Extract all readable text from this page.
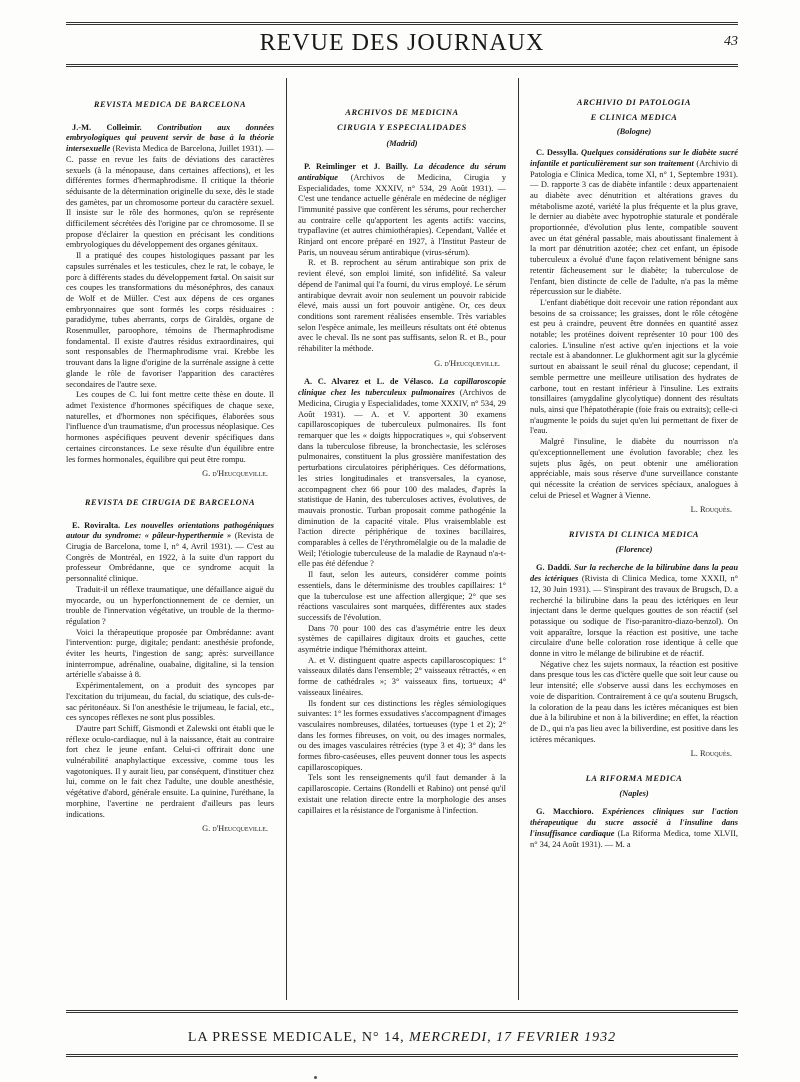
REVUE DES JOURNAUX	43
REVISTA MEDICA DE BARCELONA

J.-M. Colleimir. Contribution aux données embryologiques qui peuvent servir de base à la théorie intersexuelle (Revista Medica de Barcelona, Juillet 1931). — C. passe en revue les faits de déviations des caractères sexuels (à la ménopause, dans certaines affections), et les différentes formes d'hermaphrodisme. Il critique la théorie séduisante de la détermination originelle du sexe, dès le stade des gamètes, par un chromosome porteur du caractère sexuel. Il insiste sur le rôle des hormones, qu'on se représente difficilement sécrétées dès l'origine par ce chromosome. Il se propose d'éclairer la question en précisant les conditions embryologiques du développement des organes génitaux.

Il a pratiqué des coupes histologiques passant par les capsules surrénales et les testicules, chez le rat, le cobaye, le porc à différents stades du développement fœtal. On saisit sur ces coupes les transformations du mésonéphros, des canaux de Wolf et de Müller. C'est aux dépens de ces organes embryonnaires que sont formés les corps résiduaires : paradidyme, tubes aberrants, corps de Giraldès, organe de Rosenmuller, paroophore, témoins de l'hermaphrodisme fondamental. Il existe d'autres résidus extraordinaires, qui sont responsables de l'hermaphrodisme vrai. Krebbe les trouvant dans la ligne d'origine de la surrénale assigne à cette glande le rôle de favoriser l'apparition des caractères secondaires de l'autre sexe.

Les coupes de C. lui font mettre cette thèse en doute. Il admet l'existence d'hormones spécifiques de chaque sexe, naturelles, et d'hormones non spécifiques, élaborées sous l'influence d'un traumatisme, d'un processus néoplasique. Ces hormones aspécifiques peuvent devenir spécifiques dans certaines circonstances. Le sexe résulte d'un équilibre entre les formes hormonales, équilibre qui peut être rompu.

G. d'Heucqueville.
REVISTA DE CIRUGIA DE BARCELONA

E. Roviralta. Les nouvelles orientations pathogéniques autour du syndrome: « pâleur-hyperthermie » (Revista de Cirugia de Barcelona, tome I, n° 4, Avril 1931). — C'est au Congrès de Montréal, en 1922, à la suite d'un rapport du professeur Ombrédanne, que ce syndrome acquit la personnalité clinique.

Traduit-il un réflexe traumatique, une défaillance aiguë du myocarde, ou un hyperfonctionnement de ce dernier, un trouble de l'innervation végétative, un trouble de la thermo-régulation ?

Voici la thérapeutique proposée par Ombrédanne: avant l'intervention: purge, digitale; pendant: anesthésie profonde, éviter les heurts, l'ingestion de sang; après: surveillance ininterrompue, adrénaline, ouabaïne, digitaline, si la tension artérielle s'abaisse à 8.

Expérimentalement, on a produit des syncopes par l'excitation du trijumeau, du facial, du sciatique, des culs-de-sac péritonéaux. Si l'on anesthésie le trijumeau, le facial, etc., ces syncopes réflexes ne sont plus possibles.

D'autre part Schiff, Gismondi et Zalewski ont établi que le réflexe oculo-cardiaque, nul à la naissance, était au contraire fort chez le jeune enfant. Celui-ci offrirait donc une vulnérabilité anaphylactique excessive, comme tous les vagotoniques. Il y aurait lieu, par conséquent, d'instituer chez lui, comme on le fait chez l'adulte, une double anesthésie, végétative d'abord, générale ensuite. La quinine, l'uréthane, la morphine, l'avertine ne perdraient d'ailleurs pas leurs indications.

G. d'Heucqueville.
ARCHIVOS DE MEDICINA
CIRUGIA Y ESPECIALIDADES
(Madrid)

P. Reimlinger et J. Bailly. La décadence du sérum antirabique (Archivos de Medicina, Cirugia y Especialidades, tome XXXIV, n° 534, 29 Août 1931). — C'est une tendance actuelle générale en médecine de négliger l'immunité passive que confèrent les sérums, pour rechercher au contraire celle qu'apportent les agents actifs: vaccins, trypaflavine (et autres chimiothérapies). Cependant, Vallée et Rinjard ont encore préparé en 1927, à l'Institut Pasteur de Paris, un nouveau sérum antirabique (virus-sérum).

R. et B. reprochent au sérum antirabique son prix de revient élevé, son emploi limité, son infidélité. Sa valeur dépend de l'animal qui l'a fourni, du virus employé. Le sérum antirabique devrait avoir non seulement un pouvoir rabicide élevé, mais aussi un fort pouvoir antigène. Or, ces deux conditions sont rarement réalisées ensemble. Très variables selon l'espèce animale, les meilleurs résultats ont été obtenus avec le cheval. Ils ne sont pas suffisants, selon R. et B., pour réhabiliter la méthode.

G. d'Heucqueville.

A. C. Alvarez et L. de Vélasco. La capillaroscopie clinique chez les tuberculeux pulmonaires (Archivos de Medicina, Cirugia y Especialidades, tome XXXIV, n° 534, 29 Août 1931). — A. et V. apportent 30 examens capillaroscopiques de tuberculeux pulmonaires. Ils font remarquer que les « doigts hippocratiques », qui s'observent dans la tuberculose fibreuse, la bronchectasie, les scléroses pulmonaires, constituent la plus grossière manifestation des perturbations circulatoires périphériques. Ces déformations, les stries longitudinales et transversales, la cyanose, accompagnent chez 66 pour 100 des malades, d'après la statistique de Hanin, des tuberculoses actives, évolutives, de mauvais pronostic. Turban proposait comme pathogénie la diminution de la capacité vitale. Plus vraisemblable est l'action directe périphérique de toxines bacillaires, comparables à celles de l'érythromélalgie ou de la maladie de Weil; l'étiologie tuberculeuse de la maladie de Raynaud n'a-t-elle pas été défendue ?

Il faut, selon les auteurs, considérer comme points essentiels, dans le déterminisme des troubles capillaires: 1° que la tuberculose est une affection allergique; 2° que ses réactions vasculaires sont marquées, différentes aux stades successifs de l'évolution.

Dans 70 pour 100 des cas d'asymétrie entre les deux systèmes de capillaires digitaux droits et gauches, cette asymétrie indique l'hémithorax atteint.

A. et V. distinguent quatre aspects capillaroscopiques: 1° vaisseaux dilatés dans l'ensemble; 2° vaisseaux rétractés, « en forme de cathédrales »; 3° vaisseaux fins, tortueux; 4° vaisseaux linéaires.

Ils fondent sur ces distinctions les règles sémiologiques suivantes: 1° les formes exsudatives s'accompagnent d'images vasculaires nombreuses, dilatées, tortueuses (type 1 et 2); 2° dans les formes fibreuses, on voit, ou des images normales, ou des images vasculaires rétrécies (type 3 et 4); 3° dans les formes fibro-caséeuses, elles peuvent donner tous les aspects capillaroscopiques.

Tels sont les renseignements qu'il faut demander à la capillaroscopie. Certains (Rondelli et Rabino) ont pensé qu'il existait une relation directe entre la morphologie des anses capillaires et la résistance de l'organisme à l'infection.

ARCHIVIO DI PATOLOGIA
E CLINICA MEDICA
(Bologne)

C. Dessylla. Quelques considérations sur le diabète sucré infantile et particulièrement sur son traitement (Archivio di Patologia e Clinica Medica, tome XI, n° 1, Septembre 1931). — D. rapporte 3 cas de diabète infantile : deux appartenaient au diabète avec dénutrition et altérations graves du métabolisme azoté, variété la plus fréquente et la plus grave, le dernier au diabète avec hypotrophie staturale et pondérale proportionnée, d'évolution plus lente, compatible souvent avec un état général passable, mais aboutissant finalement à la mort par dénutrition azotée; chez cet enfant, un épisode tuberculeux a évolué d'une façon relativement bénigne sans retentir fâcheusement sur le diabète; la tuberculose de l'enfant, bien distincte de celle de l'adulte, n'a pas la même répercussion sur le diabète.

L'enfant diabétique doit recevoir une ration répondant aux besoins de sa croissance; les graisses, dont le rôle cétogène est peu à craindre, peuvent être données en quantité assez notable; les protéines doivent représenter 10 pour 100 des calories. L'insuline n'est active qu'en injections et la voie rectale est à abandonner. Le glukhorment agit sur la glycémie surtout en abaissant le seuil rénal du glucose; cependant, il semble permettre une meilleure utilisation des hydrates de carbone, tout en restant inférieur à l'insuline. Les extraits tonsillaires (amygdaline glycolytique) donnent des résultats nuls, ainsi que l'hépatothérapie (foie frais ou extraits); celle-ci n'augmente le poids du sujet qu'en lui permettant de fixer de l'eau.

Malgré l'insuline, le diabète du nourrisson n'a qu'exceptionnellement une évolution favorable; chez les sujets plus âgés, on peut obtenir une amélioration appréciable, mais sous réserve d'une surveillance constante qui nécessite la création de services spéciaux, analogues à celui de Priesel et Wagner à Vienne.

L. Rouquès.
RIVISTA DI CLINICA MEDICA
(Florence)

G. Daddi. Sur la recherche de la bilirubine dans la peau des ictériques (Rivista di Clinica Medica, tome XXXII, n° 12, 30 Juin 1931). — S'inspirant des travaux de Brugsch, D. a recherché la bilirubine dans la peau des ictériques en leur injectant dans le derme quelques gouttes de son réactif (sel potassique ou sodique de l'iso-paranitro-diazo-benzol). On voit apparaître, lorsque la réaction est positive, une tache circulaire d'une belle coloration rose identique à celle que donne in vitro le mélange de bilirubine et de réactif.

Négative chez les sujets normaux, la réaction est positive dans presque tous les cas d'ictère quelle que soit leur cause ou leur intensité; elle s'observe aussi dans les ecchymoses en voie de disparition. Contrairement à ce qu'a soutenu Brugsch, la coloration de la peau dans les ictères mécaniques est bien due à la bilirubine et non à la biliverdine; en effet, la réaction de D., qui n'a pas lieu avec la biliverdine, est positive dans les ictères mécaniques.

L. Rouquès.
LA RIFORMA MEDICA
(Naples)

G. Macchioro. Expériences cliniques sur l'action thérapeutique du sucre associé à l'insuline dans l'insuffisance cardiaque (La Riforma Medica, tome XLVII, n° 34, 24 Août 1931). — M. a

LA PRESSE MEDICALE, N° 14, MERCREDI, 17 FEVRIER 1932
